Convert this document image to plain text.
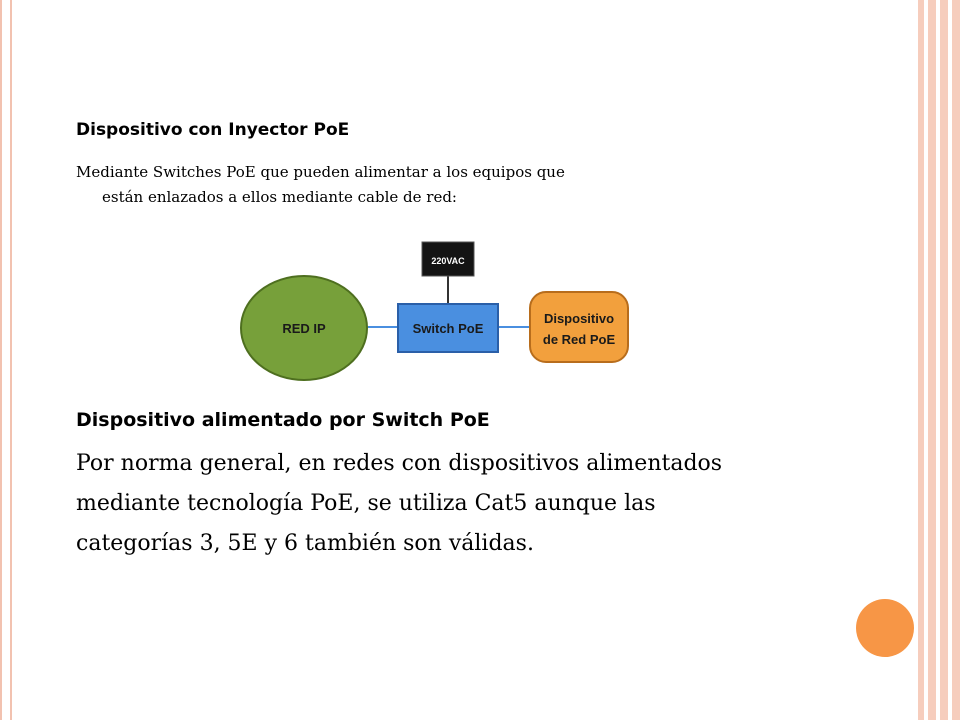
Dispositivo con Inyector PoE
Mediante Switches PoE que pueden alimentar a los equipos que
están enlazados a ellos mediante cable de red:
220VAC
RED IP	Switch PoE
Dispositivo
de Red PoE
Dispositivo alimentado por Switch PoE
Por norma general, en redes con dispositivos alimentados
mediante tecnología PoE, se utiliza Cat5 aunque las
categorías 3, 5E y 6 también son válidas.
